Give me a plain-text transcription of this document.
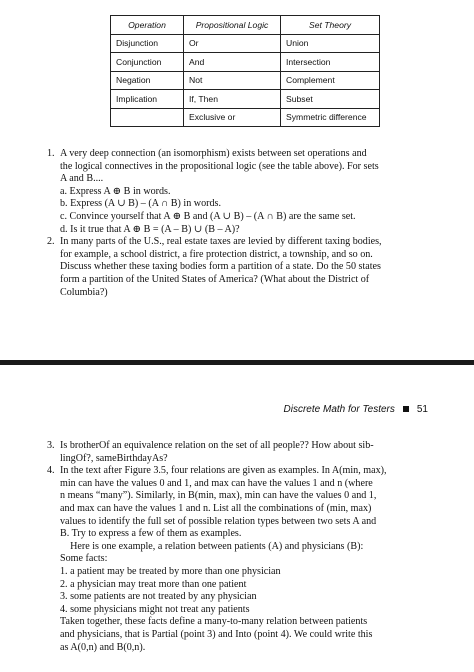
Operation	Propositional Logic	Set Theory
Disjunction	Or	Union
Conjunction	And	Intersection
Negation	Not	Complement
Implication	If, Then	Subset
	Exclusive or	Symmetric difference
1. A very deep connection (an isomorphism) exists between set operations and
the logical connectives in the propositional logic (see the table above). For sets
A and B....
a. Express A ⊕ B in words.
b. Express (A ∪ B) – (A ∩ B) in words.
c. Convince yourself that A ⊕ B and (A ∪ B) – (A ∩ B) are the same set.
d. Is it true that A ⊕ B = (A – B) ∪ (B – A)?
2. In many parts of the U.S., real estate taxes are levied by different taxing bodies,
for example, a school district, a fire protection district, a township, and so on.
Discuss whether these taxing bodies form a partition of a state. Do the 50 states
form a partition of the United States of America? (What about the District of
Columbia?)
Discrete Math for Testers 51
3. Is brotherOf an equivalence relation on the set of all people?? How about sib-
lingOf?, sameBirthdayAs?
4. In the text after Figure 3.5, four relations are given as examples. In A(min, max),
min can have the values 0 and 1, and max can have the values 1 and n (where
n means “many”). Similarly, in B(min, max), min can have the values 0 and 1,
and max can have the values 1 and n. List all the combinations of (min, max)
values to identify the full set of possible relation types between two sets A and
B. Try to express a few of them as examples.
Here is one example, a relation between patients (A) and physicians (B):
Some facts:
1. a patient may be treated by more than one physician
2. a physician may treat more than one patient
3. some patients are not treated by any physician
4. some physicians might not treat any patients
Taken together, these facts define a many-to-many relation between patients
and physicians, that is Partial (point 3) and Into (point 4). We could write this
as A(0,n) and B(0,n).
